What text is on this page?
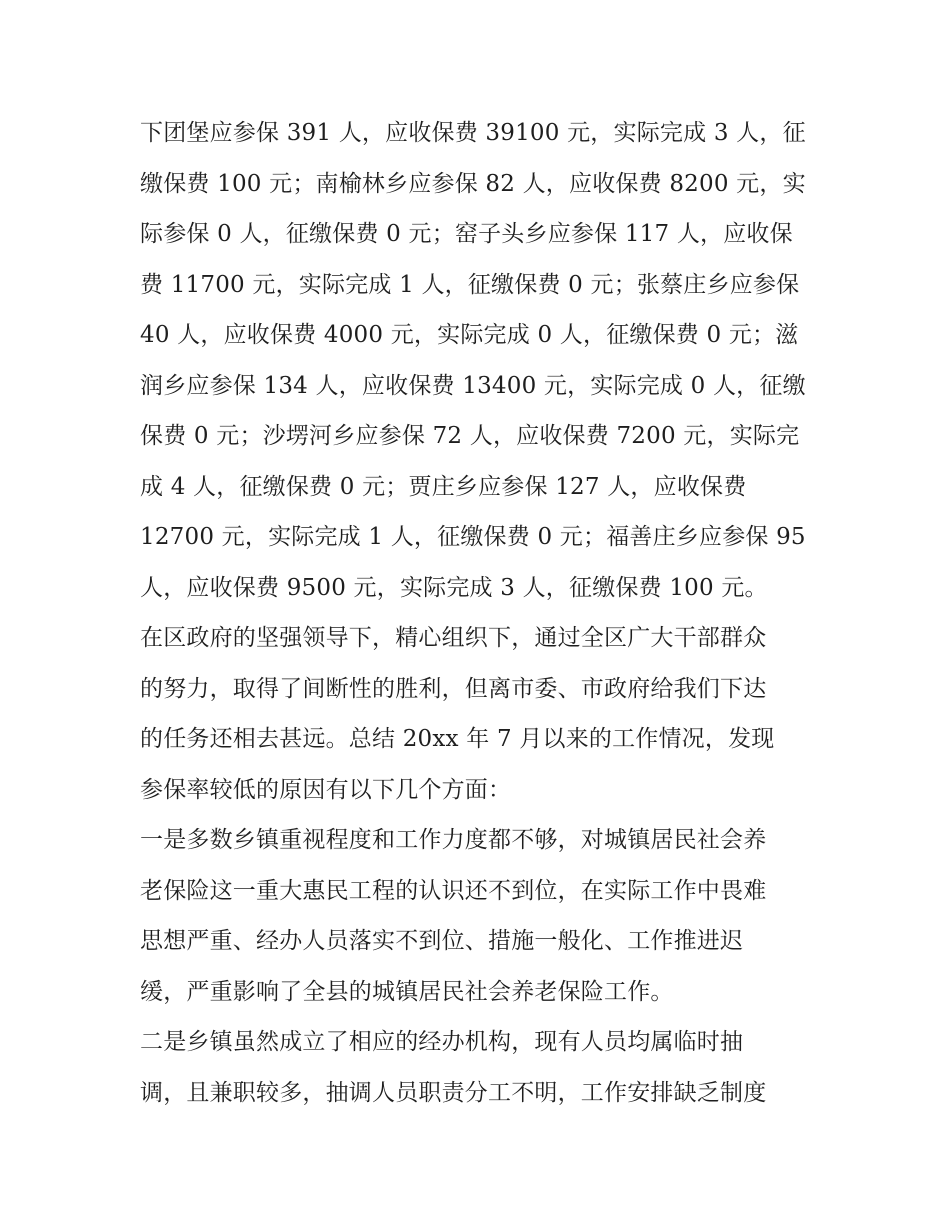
下团堡应参保 391 人，应收保费 39100 元，实际完成 3 人，征
缴保费 100 元；南榆林乡应参保 82 人，应收保费 8200 元，实
际参保 0 人，征缴保费 0 元；窑子头乡应参保 117 人，应收保
费 11700 元，实际完成 1 人，征缴保费 0 元；张蔡庄乡应参保
40 人，应收保费 4000 元，实际完成 0 人，征缴保费 0 元；滋
润乡应参保 134 人，应收保费 13400 元，实际完成 0 人，征缴
保费 0 元；沙塄河乡应参保 72 人，应收保费 7200 元，实际完
成 4 人，征缴保费 0 元；贾庄乡应参保 127 人，应收保费
12700 元，实际完成 1 人，征缴保费 0 元；福善庄乡应参保 95
人，应收保费 9500 元，实际完成 3 人，征缴保费 100 元。
在区政府的坚强领导下，精心组织下，通过全区广大干部群众
的努力，取得了间断性的胜利，但离市委、市政府给我们下达
的任务还相去甚远。总结 20xx 年 7 月以来的工作情况，发现
参保率较低的原因有以下几个方面：
一是多数乡镇重视程度和工作力度都不够，对城镇居民社会养
老保险这一重大惠民工程的认识还不到位，在实际工作中畏难
思想严重、经办人员落实不到位、措施一般化、工作推进迟
缓，严重影响了全县的城镇居民社会养老保险工作。
二是乡镇虽然成立了相应的经办机构，现有人员均属临时抽
调，且兼职较多，抽调人员职责分工不明，工作安排缺乏制度
